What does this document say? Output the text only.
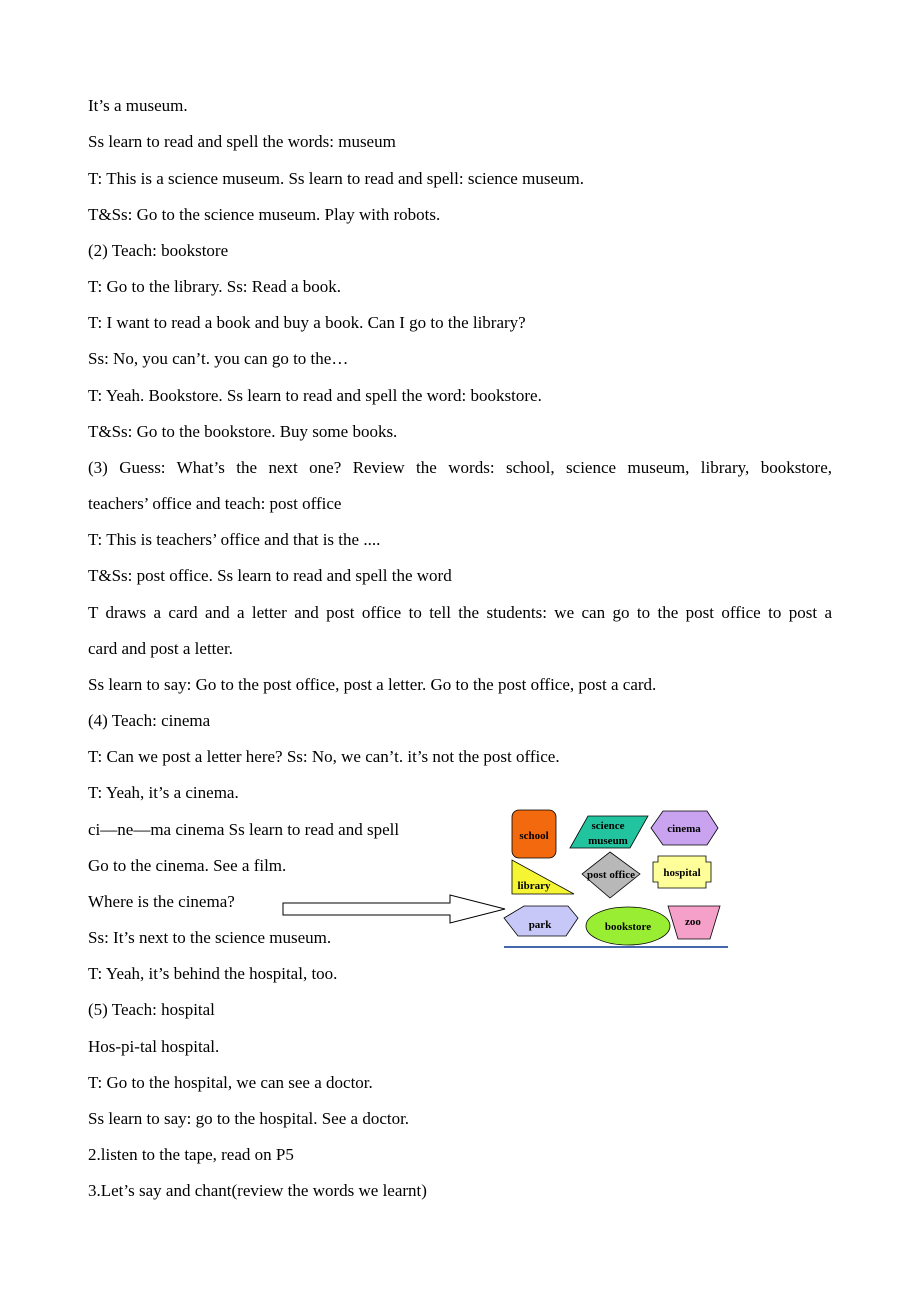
It’s a museum.
Ss learn to read and spell the words: museum
T: This is a science museum. Ss learn to read and spell: science museum.
T&Ss: Go to the science museum. Play with robots.
(2) Teach: bookstore
T: Go to the library. Ss: Read a book.
T: I want to read a book and buy a book. Can I go to the library?
Ss: No, you can’t. you can go to the…
T: Yeah. Bookstore. Ss learn to read and spell the word: bookstore.
T&Ss: Go to the bookstore. Buy some books.
(3) Guess: What’s the next one? Review the words: school, science museum, library, bookstore,
teachers’ office and teach: post office
T: This is teachers’ office and that is the ....
T&Ss: post office. Ss learn to read and spell the word
T draws a card and a letter and post office to tell the students: we can go to the post office to post a
card and post a letter.
Ss learn to say: Go to the post office, post a letter. Go to the post office, post a card.
(4) Teach: cinema
T: Can we post a letter here? Ss: No, we can’t. it’s not the post office.
T: Yeah, it’s a cinema.
ci—ne—ma cinema Ss learn to read and spell
Go to the cinema. See a film.
Where is the cinema?
Ss: It’s next to the science museum.
T: Yeah, it’s behind the hospital, too.
(5) Teach: hospital
Hos-pi-tal hospital.
T: Go to the hospital, we can see a doctor.
Ss learn to say: go to the hospital. See a doctor.
2.listen to the tape, read on P5
3.Let’s say and chant(review the words we learnt)
school
science
museum
cinema
library
post office	hospital
park	bookstore	zoo
